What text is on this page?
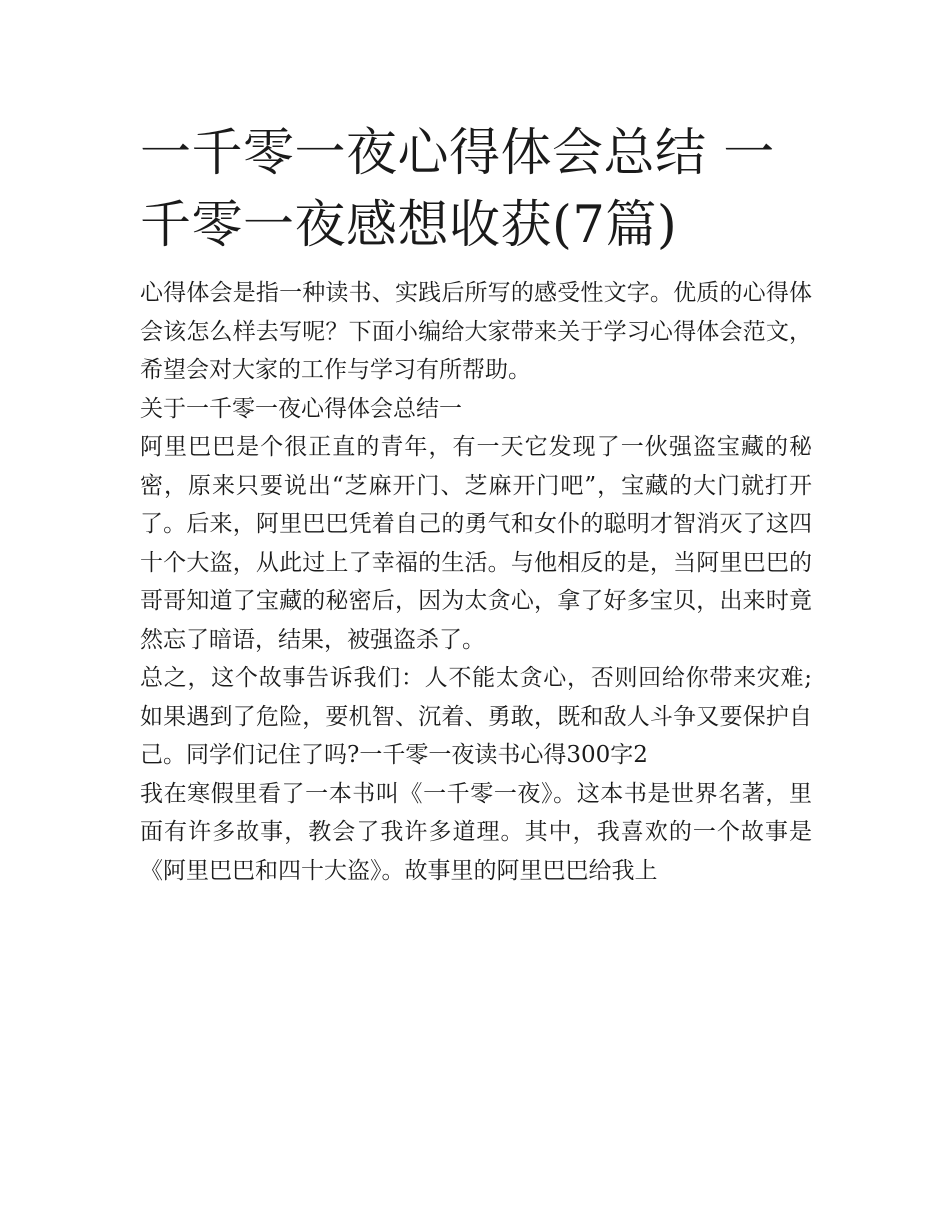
一千零一夜心得体会总结 一千零一夜感想收获(7篇)

心得体会是指一种读书、实践后所写的感受性文字。优质的心得体会该怎么样去写呢？下面小编给大家带来关于学习心得体会范文，希望会对大家的工作与学习有所帮助。

关于一千零一夜心得体会总结一

阿里巴巴是个很正直的青年，有一天它发现了一伙强盗宝藏的秘密，原来只要说出“芝麻开门、芝麻开门吧”，宝藏的大门就打开了。后来，阿里巴巴凭着自己的勇气和女仆的聪明才智消灭了这四十个大盗，从此过上了幸福的生活。与他相反的是，当阿里巴巴的哥哥知道了宝藏的秘密后，因为太贪心，拿了好多宝贝，出来时竟然忘了暗语，结果，被强盗杀了。

总之，这个故事告诉我们：人不能太贪心，否则回给你带来灾难;如果遇到了危险，要机智、沉着、勇敢，既和敌人斗争又要保护自己。同学们记住了吗?一千零一夜读书心得300字2

我在寒假里看了一本书叫《一千零一夜》。这本书是世界名著，里面有许多故事，教会了我许多道理。其中，我喜欢的一个故事是《阿里巴巴和四十大盗》。故事里的阿里巴巴给我上
